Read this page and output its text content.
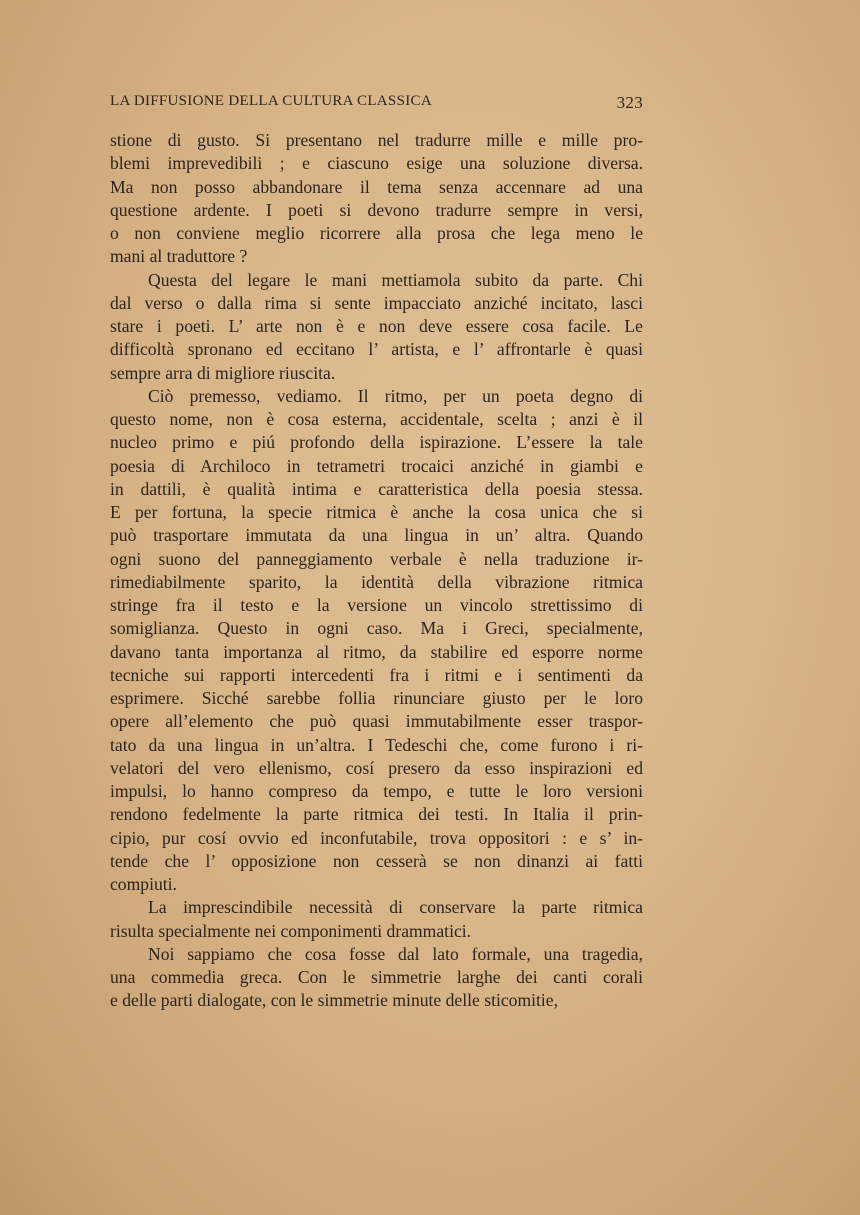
LA DIFFUSIONE DELLA CULTURA CLASSICA	323
stione di gusto. Si presentano nel tradurre mille e mille pro-
blemi imprevedibili ; e ciascuno esige una soluzione diversa.
Ma non posso abbandonare il tema senza accennare ad una
questione ardente. I poeti si devono tradurre sempre in versi,
o non conviene meglio ricorrere alla prosa che lega meno le
mani al traduttore ?
Questa del legare le mani mettiamola subito da parte. Chi
dal verso o dalla rima si sente impacciato anziché incitato, lasci
stare i poeti. L’ arte non è e non deve essere cosa facile. Le
difficoltà spronano ed eccitano l’ artista, e l’ affrontarle è quasi
sempre arra di migliore riuscita.
Ciò premesso, vediamo. Il ritmo, per un poeta degno di
questo nome, non è cosa esterna, accidentale, scelta ; anzi è il
nucleo primo e piú profondo della ispirazione. L’essere la tale
poesia di Archiloco in tetrametri trocaici anziché in giambi e
in dattili, è qualità intima e caratteristica della poesia stessa.
E per fortuna, la specie ritmica è anche la cosa unica che si
può trasportare immutata da una lingua in un’ altra. Quando
ogni suono del panneggiamento verbale è nella traduzione ir-
rimediabilmente sparito, la identità della vibrazione ritmica
stringe fra il testo e la versione un vincolo strettissimo di
somiglianza. Questo in ogni caso. Ma i Greci, specialmente,
davano tanta importanza al ritmo, da stabilire ed esporre norme
tecniche sui rapporti intercedenti fra i ritmi e i sentimenti da
esprimere. Sicché sarebbe follia rinunciare giusto per le loro
opere all’elemento che può quasi immutabilmente esser traspor-
tato da una lingua in un’altra. I Tedeschi che, come furono i ri-
velatori del vero ellenismo, cosí presero da esso inspirazioni ed
impulsi, lo hanno compreso da tempo, e tutte le loro versioni
rendono fedelmente la parte ritmica dei testi. In Italia il prin-
cipio, pur cosí ovvio ed inconfutabile, trova oppositori : e s’ in-
tende che l’ opposizione non cesserà se non dinanzi ai fatti
compiuti.
La imprescindibile necessità di conservare la parte ritmica
risulta specialmente nei componimenti drammatici.
Noi sappiamo che cosa fosse dal lato formale, una tragedia,
una commedia greca. Con le simmetrie larghe dei canti corali
e delle parti dialogate, con le simmetrie minute delle sticomitie,
